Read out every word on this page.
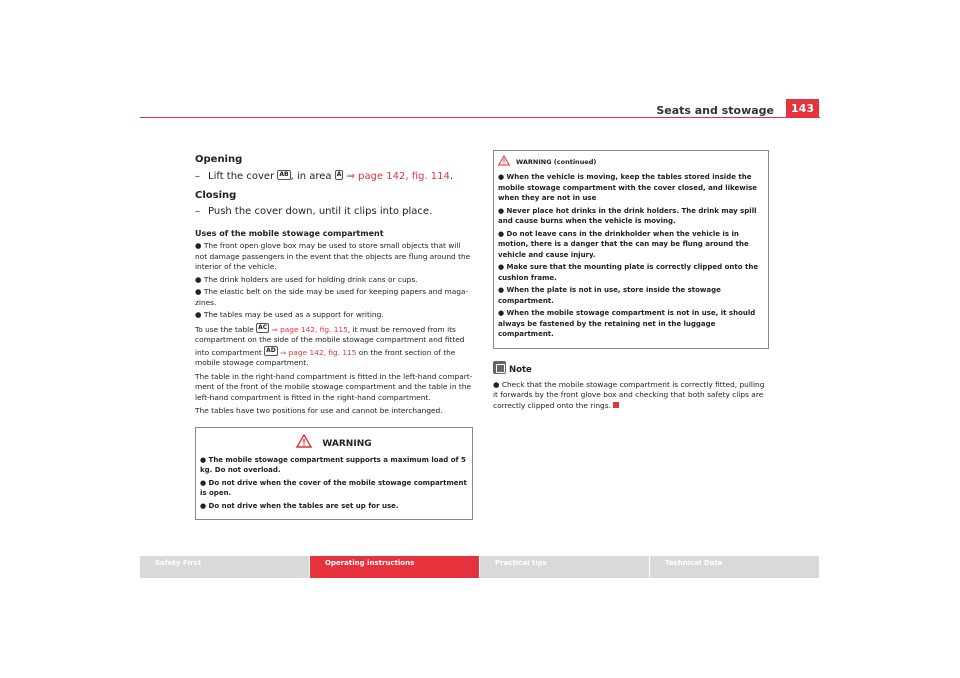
Seats and stowage	143
Opening
– Lift the cover AB , in area A ⇒ page 142, fig. 114.
Closing
– Push the cover down, until it clips into place.
Uses of the mobile stowage compartment
● The front open glove box may be used to store small objects that will not damage passengers in the event that the objects are flung around the interior of the vehicle.
● The drink holders are used for holding drink cans or cups.
● The elastic belt on the side may be used for keeping papers and maga-zines.
● The tables may be used as a support for writing.
To use the table AC ⇒ page 142, fig. 115, it must be removed from its compartment on the side of the mobile stowage compartment and fitted into compartment AD ⇒ page 142, fig. 115 on the front section of the mobile stowage compartment.
The table in the right-hand compartment is fitted in the left-hand compart-ment of the front of the mobile stowage compartment and the table in the left-hand compartment is fitted in the right-hand compartment.
The tables have two positions for use and cannot be interchanged.
WARNING
● The mobile stowage compartment supports a maximum load of 5 kg. Do not overload.
● Do not drive when the cover of the mobile stowage compartment is open.
● Do not drive when the tables are set up for use.
WARNING (continued)
● When the vehicle is moving, keep the tables stored inside the mobile stowage compartment with the cover closed, and likewise when they are not in use
● Never place hot drinks in the drink holders. The drink may spill and cause burns when the vehicle is moving.
● Do not leave cans in the drinkholder when the vehicle is in motion, there is a danger that the can may be flung around the vehicle and cause injury.
● Make sure that the mounting plate is correctly clipped onto the cushion frame.
● When the plate is not in use, store inside the stowage compartment.
● When the mobile stowage compartment is not in use, it should always be fastened by the retaining net in the luggage compartment.
Note
● Check that the mobile stowage compartment is correctly fitted, pulling it forwards by the front glove box and checking that both safety clips are correctly clipped onto the rings.
Safety First	Operating instructions	Practical tips	Technical Data
